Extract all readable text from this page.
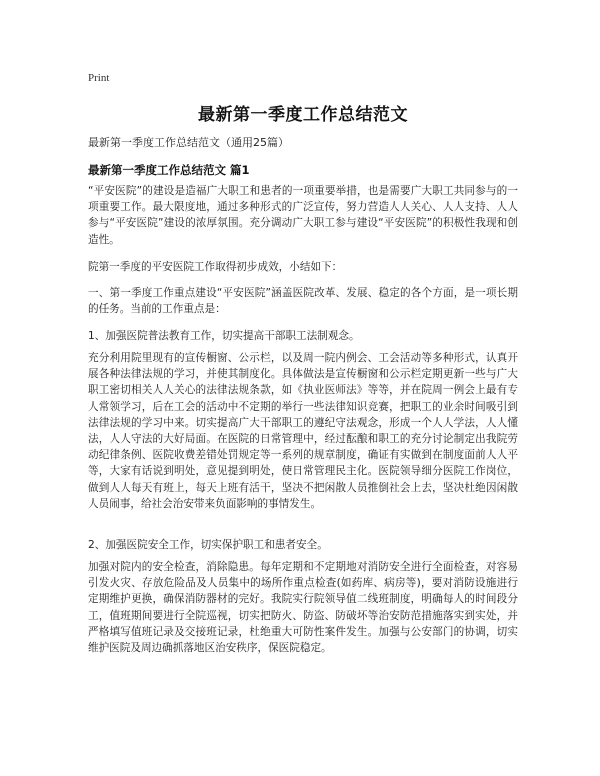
Print
最新第一季度工作总结范文
最新第一季度工作总结范文（通用25篇）
最新第一季度工作总结范文 篇1

“平安医院”的建设是造福广大职工和患者的一项重要举措，也是需要广大职工共同参与的一项重要工作。最大限度地，通过多种形式的广泛宣传，努力营造人人关心、人人支持、人人参与“平安医院”建设的浓厚氛围。充分调动广大职工参与建设“平安医院”的积极性我现和创造性。

院第一季度的平安医院工作取得初步成效，小结如下：

一、第一季度工作重点建设“平安医院”涵盖医院改革、发展、稳定的各个方面，是一项长期的任务。当前的工作重点是：

1、加强医院普法教育工作，切实提高干部职工法制观念。

充分利用院里现有的宣传橱窗、公示栏，以及周一院内例会、工会活动等多种形式，认真开展各种法律法规的学习，并使其制度化。具体做法是宣传橱窗和公示栏定期更新一些与广大职工密切相关人人关心的法律法规条款，如《执业医师法》等等，并在院周一例会上最有专人常领学习，后在工会的活动中不定期的举行一些法律知识竞赛，把职工的业余时间吸引到法律法规的学习中来。切实提高广大干部职工的遵纪守法观念，形成一个人人学法，人人懂法，人人守法的大好局面。在医院的日常管理中，经过酝酿和职工的充分讨论制定出我院劳动纪律条例、医院收费差错处罚规定等一系列的规章制度，确证有实做到在制度面前人人平等，大家有话说到明处，意见提到明处，使日常管理民主化。医院领导细分医院工作岗位，做到人人每天有班上，每天上班有活干，坚决不把闲散人员推倒社会上去，坚决杜绝因闲散人员闹事，给社会治安带来负面影响的事情发生。

2、加强医院安全工作，切实保护职工和患者安全。

加强对院内的安全检查，消除隐患。每年定期和不定期地对消防安全进行全面检查，对容易引发火灾、存放危险品及人员集中的场所作重点检查(如药库、病房等)，要对消防设施进行定期维护更换，确保消防器材的完好。我院实行院领导值二线班制度，明确每人的时间段分工，值班期间要进行全院巡视，切实把防火、防盗、防破坏等治安防范措施落实到实处，并严格填写值班记录及交接班记录，杜绝重大可防性案件发生。加强与公安部门的协调，切实维护医院及周边确抓落地区治安秩序，保医院稳定。
